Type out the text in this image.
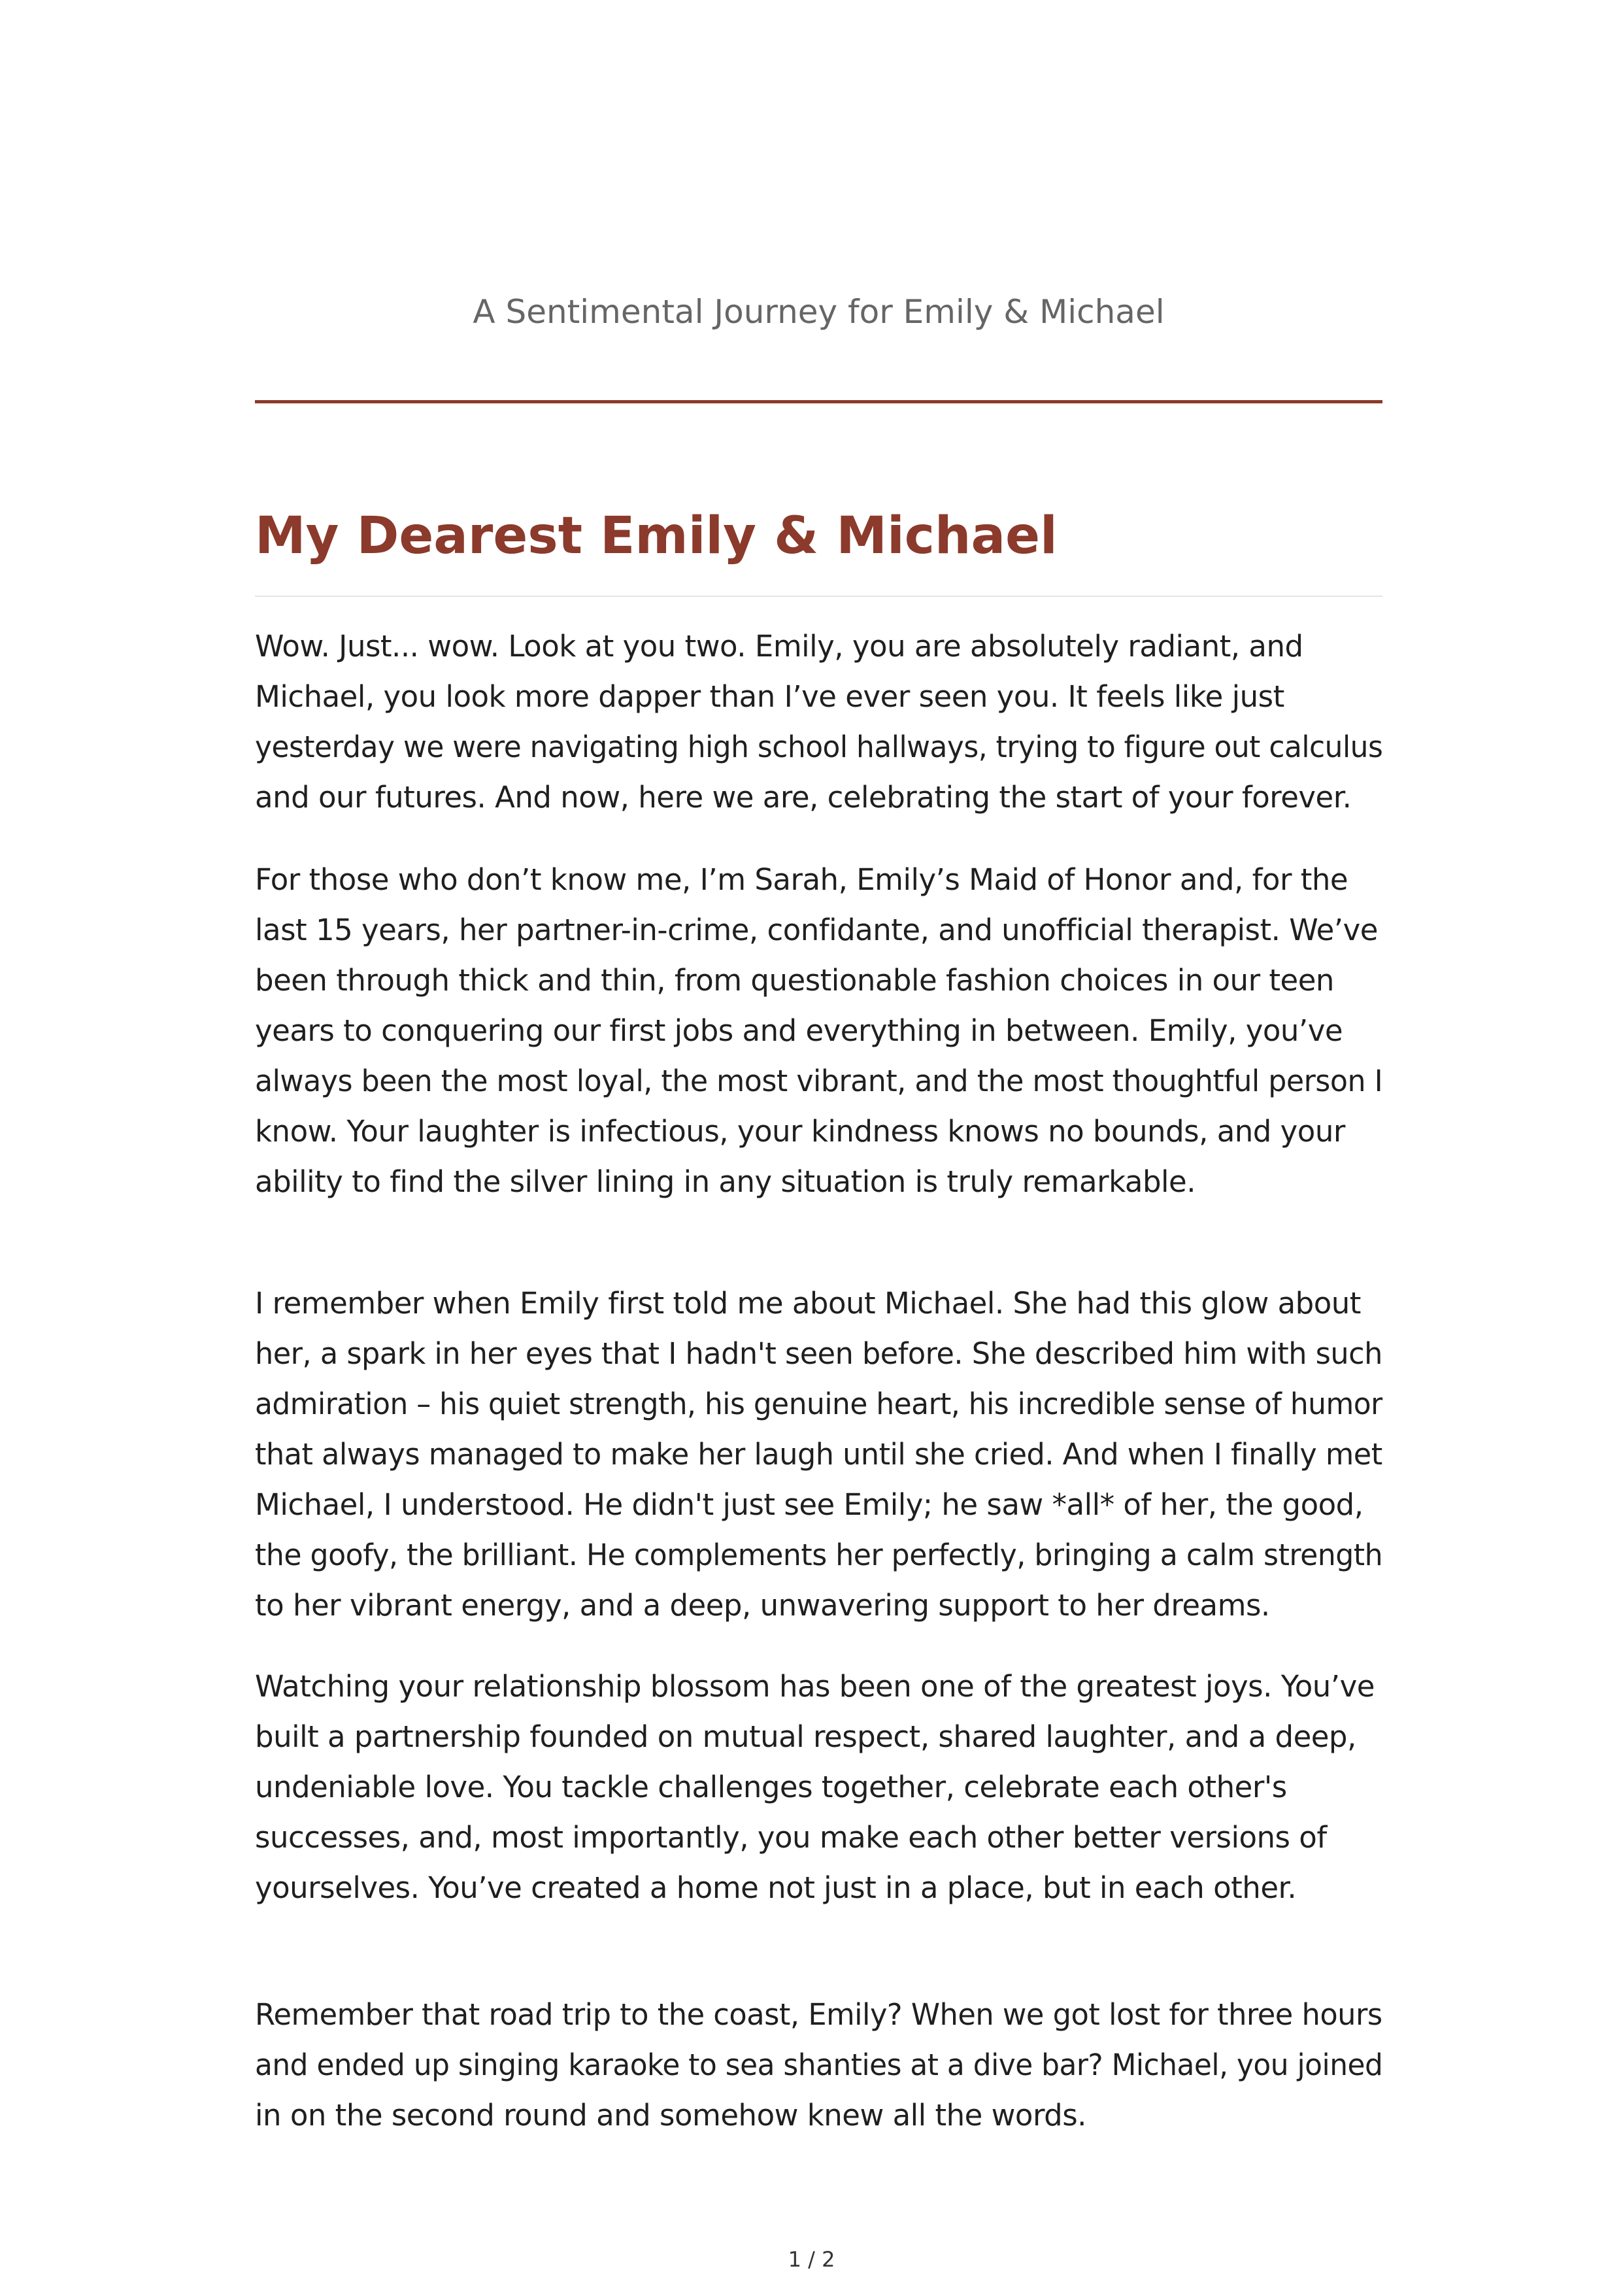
A Sentimental Journey for Emily & Michael
My Dearest Emily & Michael

Wow. Just... wow. Look at you two. Emily, you are absolutely radiant, and
Michael, you look more dapper than I’ve ever seen you. It feels like just
yesterday we were navigating high school hallways, trying to figure out calculus
and our futures. And now, here we are, celebrating the start of your forever.

For those who don’t know me, I’m Sarah, Emily’s Maid of Honor and, for the
last 15 years, her partner-in-crime, confidante, and unofficial therapist. We’ve
been through thick and thin, from questionable fashion choices in our teen
years to conquering our first jobs and everything in between. Emily, you’ve
always been the most loyal, the most vibrant, and the most thoughtful person I
know. Your laughter is infectious, your kindness knows no bounds, and your
ability to find the silver lining in any situation is truly remarkable.

I remember when Emily first told me about Michael. She had this glow about
her, a spark in her eyes that I hadn't seen before. She described him with such
admiration – his quiet strength, his genuine heart, his incredible sense of humor
that always managed to make her laugh until she cried. And when I finally met
Michael, I understood. He didn't just see Emily; he saw *all* of her, the good,
the goofy, the brilliant. He complements her perfectly, bringing a calm strength
to her vibrant energy, and a deep, unwavering support to her dreams.

Watching your relationship blossom has been one of the greatest joys. You’ve
built a partnership founded on mutual respect, shared laughter, and a deep,
undeniable love. You tackle challenges together, celebrate each other's
successes, and, most importantly, you make each other better versions of
yourselves. You’ve created a home not just in a place, but in each other.

Remember that road trip to the coast, Emily? When we got lost for three hours
and ended up singing karaoke to sea shanties at a dive bar? Michael, you joined
in on the second round and somehow knew all the words.

1 / 2
